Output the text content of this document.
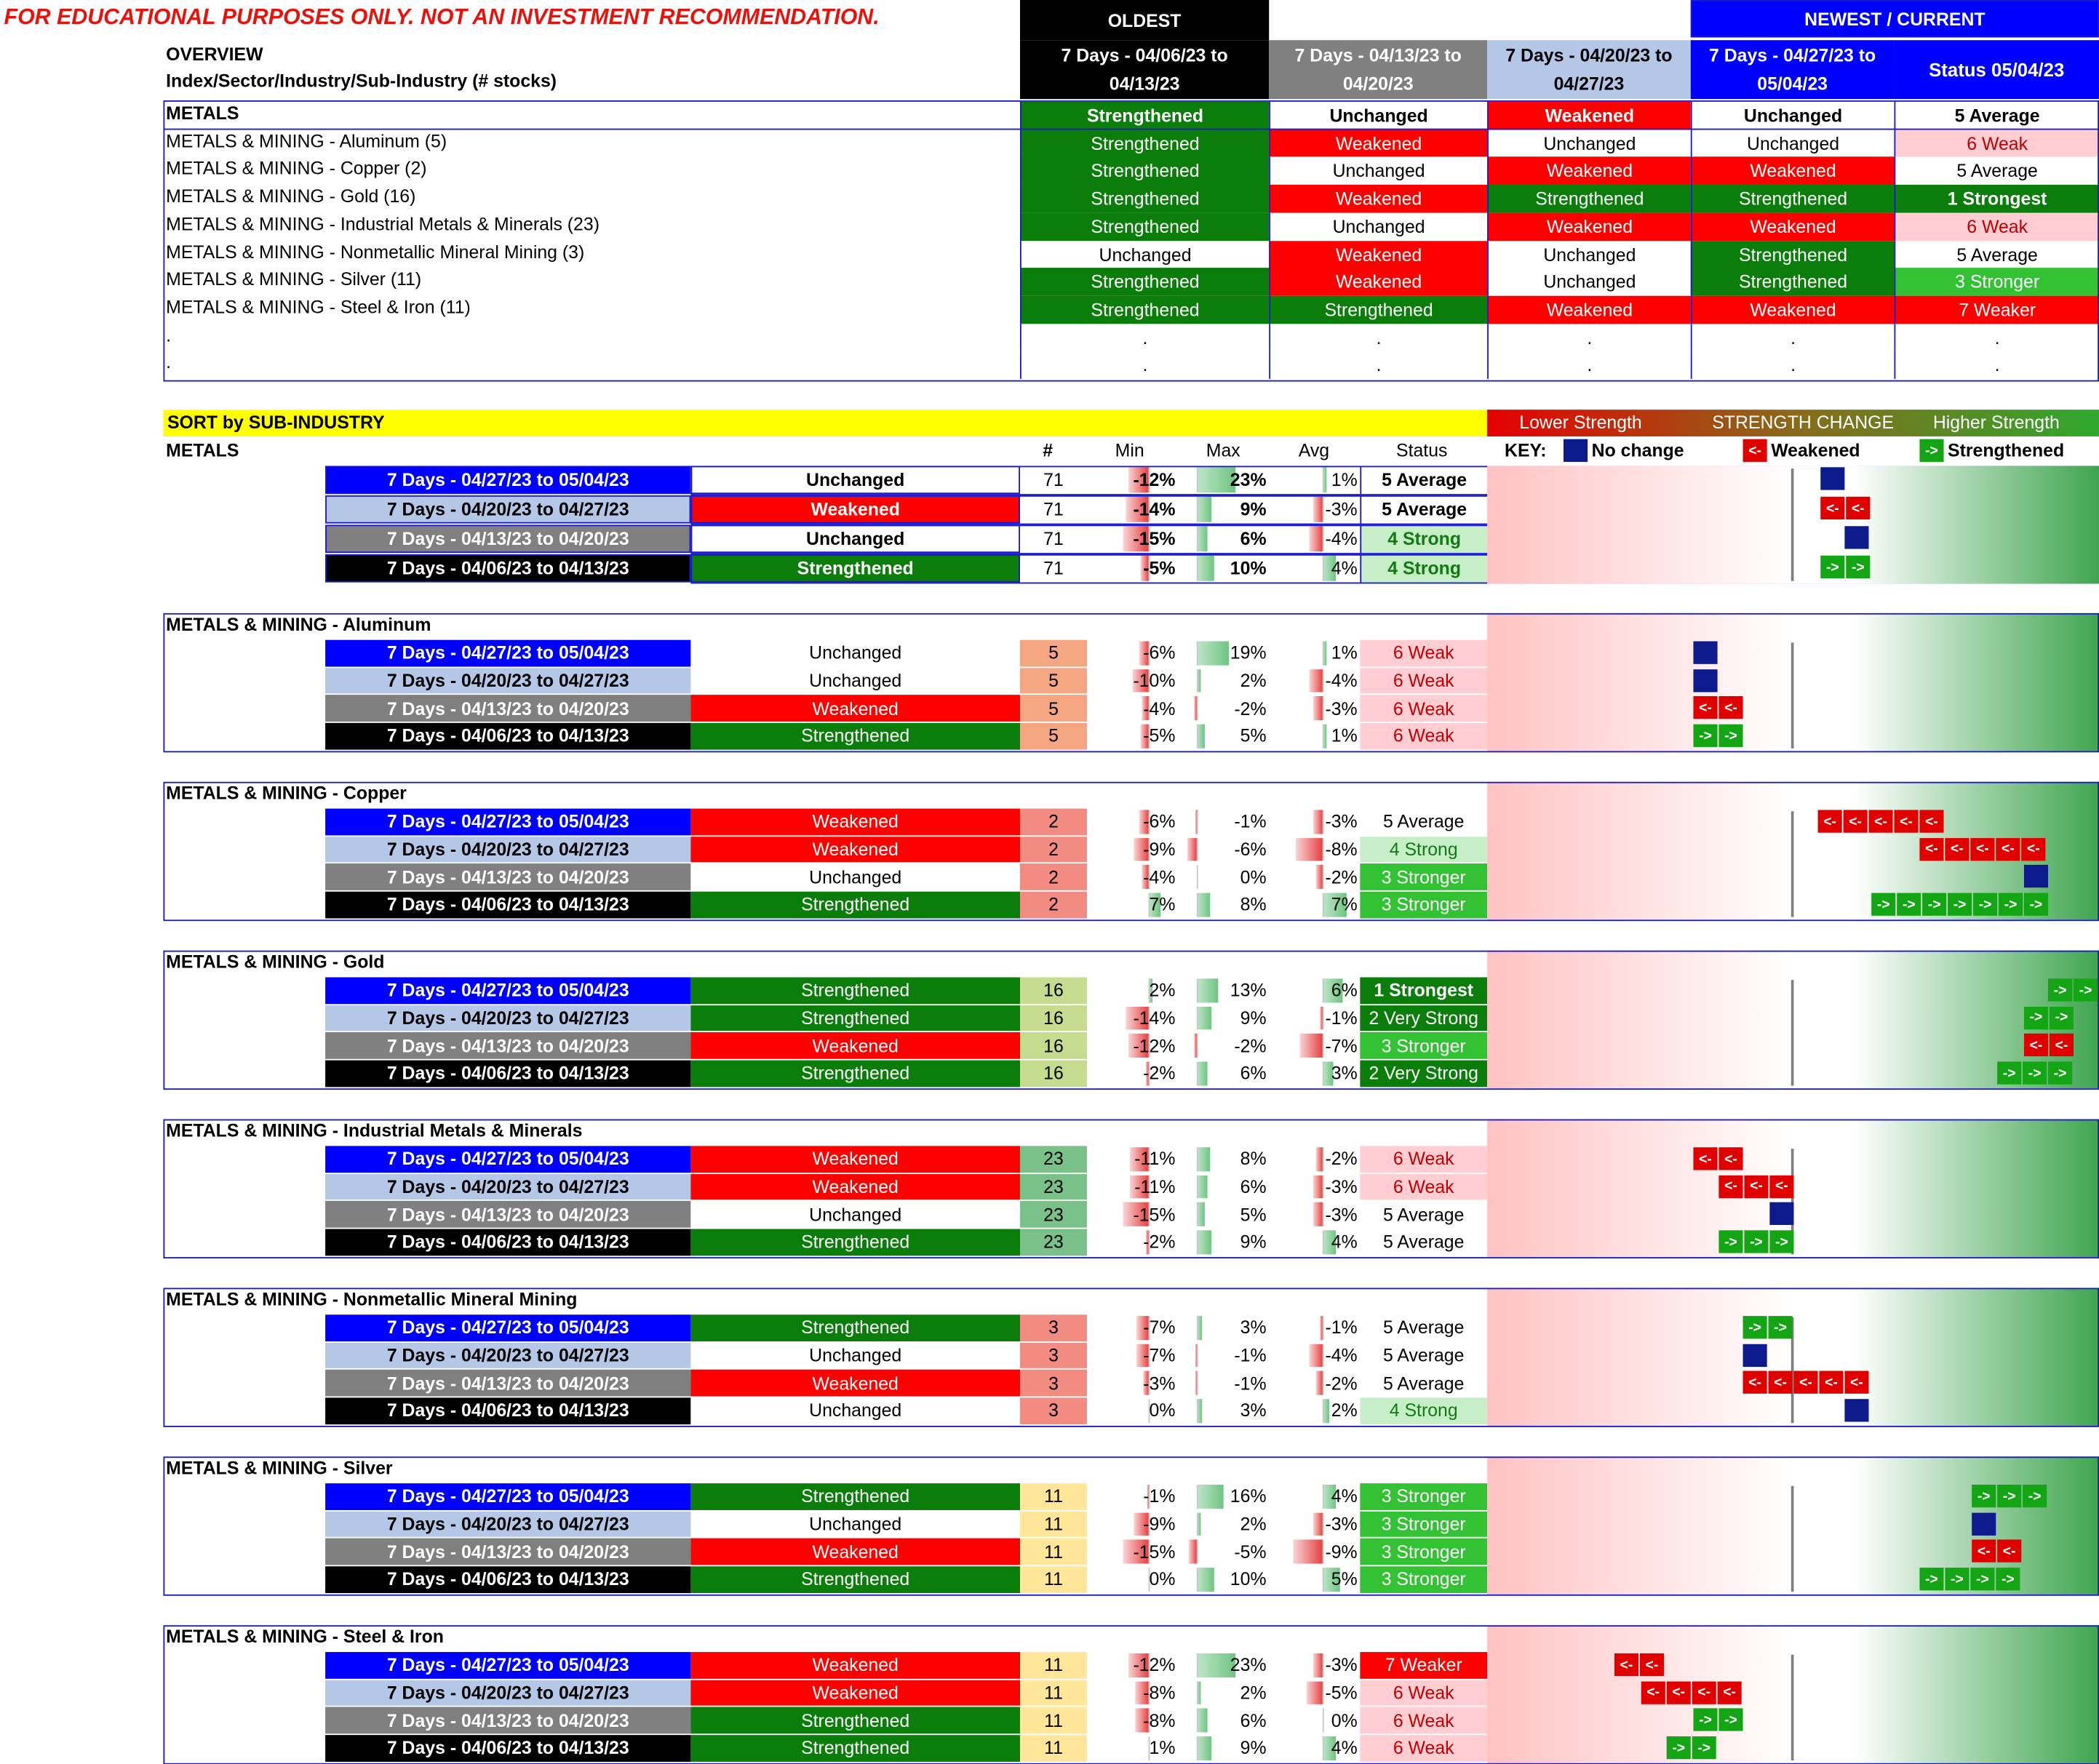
FOR EDUCATIONAL PURPOSES ONLY. NOT AN INVESTMENT RECOMMENDATION.
OVERVIEW
Index/Sector/Industry/Sub-Industry (# stocks)
OLDEST	NEWEST / CURRENT
SORT by SUB-INDUSTRY	Lower Strength	STRENGTH CHANGE	Higher Strength
METALS	#	Min	Max	Avg	Status	KEY:	No change	<- Weakened	-> Strengthened
7 Days - 04/06/23 to 04/13/23
7 Days - 04/13/23 to 04/20/23
7 Days - 04/20/23 to 04/27/23
7 Days - 04/27/23 to 05/04/23
Status 05/04/23
METALS	Strengthened	Unchanged	Weakened	Unchanged	5 Average
METALS & MINING - Aluminum (5)	Strengthened	Weakened	Unchanged	Unchanged	6 Weak
METALS & MINING - Copper (2)	Strengthened	Unchanged	Weakened	Weakened	5 Average
METALS & MINING - Gold (16)	Strengthened	Weakened	Strengthened	Strengthened	1 Strongest
METALS & MINING - Industrial Metals & Minerals (23)	Strengthened	Unchanged	Weakened	Weakened	6 Weak
METALS & MINING - Nonmetallic Mineral Mining (3)	Unchanged	Weakened	Unchanged	Strengthened	5 Average
METALS & MINING - Silver (11)	Strengthened	Weakened	Unchanged	Strengthened	3 Stronger
METALS & MINING - Steel & Iron (11)	Strengthened	Strengthened	Weakened	Weakened	7 Weaker
.	.	.	.	.	.
.	.	.	.	.	.
7 Days - 04/27/23 to 05/04/23	Unchanged	71	-12%	23%	1%	5 Average
7 Days - 04/20/23 to 04/27/23	Weakened	71	-14%	9%	-3%	5 Average
7 Days - 04/13/23 to 04/20/23	Unchanged	71	-15%	6%	-4%	4 Strong
7 Days - 04/06/23 to 04/13/23	Strengthened	71	-5%	10%	4%	4 Strong
METALS & MINING - Aluminum
7 Days - 04/27/23 to 05/04/23	Unchanged	5	-6%	19%	1%	6 Weak
7 Days - 04/20/23 to 04/27/23	Unchanged	5	-10%	2%	-4%	6 Weak
7 Days - 04/13/23 to 04/20/23	Weakened	5	-4%	-2%	-3%	6 Weak
7 Days - 04/06/23 to 04/13/23	Strengthened	5	-5%	5%	1%	6 Weak
METALS & MINING - Copper
7 Days - 04/27/23 to 05/04/23	Weakened	2	-6%	-1%	-3%	5 Average
7 Days - 04/20/23 to 04/27/23	Weakened	2	-9%	-6%	-8%	4 Strong
7 Days - 04/13/23 to 04/20/23	Unchanged	2	-4%	0%	-2%	3 Stronger
7 Days - 04/06/23 to 04/13/23	Strengthened	2	7%	8%	7%	3 Stronger
METALS & MINING - Gold
7 Days - 04/27/23 to 05/04/23	Strengthened	16	2%	13%	6%	1 Strongest
7 Days - 04/20/23 to 04/27/23	Strengthened	16	-14%	9%	-1%	2 Very Strong
7 Days - 04/13/23 to 04/20/23	Weakened	16	-12%	-2%	-7%	3 Stronger
7 Days - 04/06/23 to 04/13/23	Strengthened	16	-2%	6%	3%	2 Very Strong
METALS & MINING - Industrial Metals & Minerals
7 Days - 04/27/23 to 05/04/23	Weakened	23	-11%	8%	-2%	6 Weak
7 Days - 04/20/23 to 04/27/23	Weakened	23	-11%	6%	-3%	6 Weak
7 Days - 04/13/23 to 04/20/23	Unchanged	23	-15%	5%	-3%	5 Average
7 Days - 04/06/23 to 04/13/23	Strengthened	23	-2%	9%	4%	5 Average
METALS & MINING - Nonmetallic Mineral Mining
7 Days - 04/27/23 to 05/04/23	Strengthened	3	-7%	3%	-1%	5 Average
7 Days - 04/20/23 to 04/27/23	Unchanged	3	-7%	-1%	-4%	5 Average
7 Days - 04/13/23 to 04/20/23	Weakened	3	-3%	-1%	-2%	5 Average
7 Days - 04/06/23 to 04/13/23	Unchanged	3	0%	3%	2%	4 Strong
METALS & MINING - Silver
7 Days - 04/27/23 to 05/04/23	Strengthened	11	-1%	16%	4%	3 Stronger
7 Days - 04/20/23 to 04/27/23	Unchanged	11	-9%	2%	-3%	3 Stronger
7 Days - 04/13/23 to 04/20/23	Weakened	11	-15%	-5%	-9%	3 Stronger
7 Days - 04/06/23 to 04/13/23	Strengthened	11	0%	10%	5%	3 Stronger
METALS & MINING - Steel & Iron
7 Days - 04/27/23 to 05/04/23	Weakened	11	-12%	23%	-3%	7 Weaker
7 Days - 04/20/23 to 04/27/23	Weakened	11	-8%	2%	-5%	6 Weak
7 Days - 04/13/23 to 04/20/23	Strengthened	11	-8%	6%	0%	6 Weak
7 Days - 04/06/23 to 04/13/23	Strengthened	11	1%	9%	4%	6 Weak
<-	<-
->	->
<-	<-
->	->
<-	<-	<-	<-	<-
<-	<-	<-	<-	<-
->	->	->	->	->	->	->
->	->
->	->
<-	<-
->	->	->
<-	<-
<-	<-	<-
->	->	->
->	->
<-	<-	<-	<-	<-
->	->	->
<-	<-
->	->	->	->
<-	<-
<-	<-	<-	<-
->	->
->	->
